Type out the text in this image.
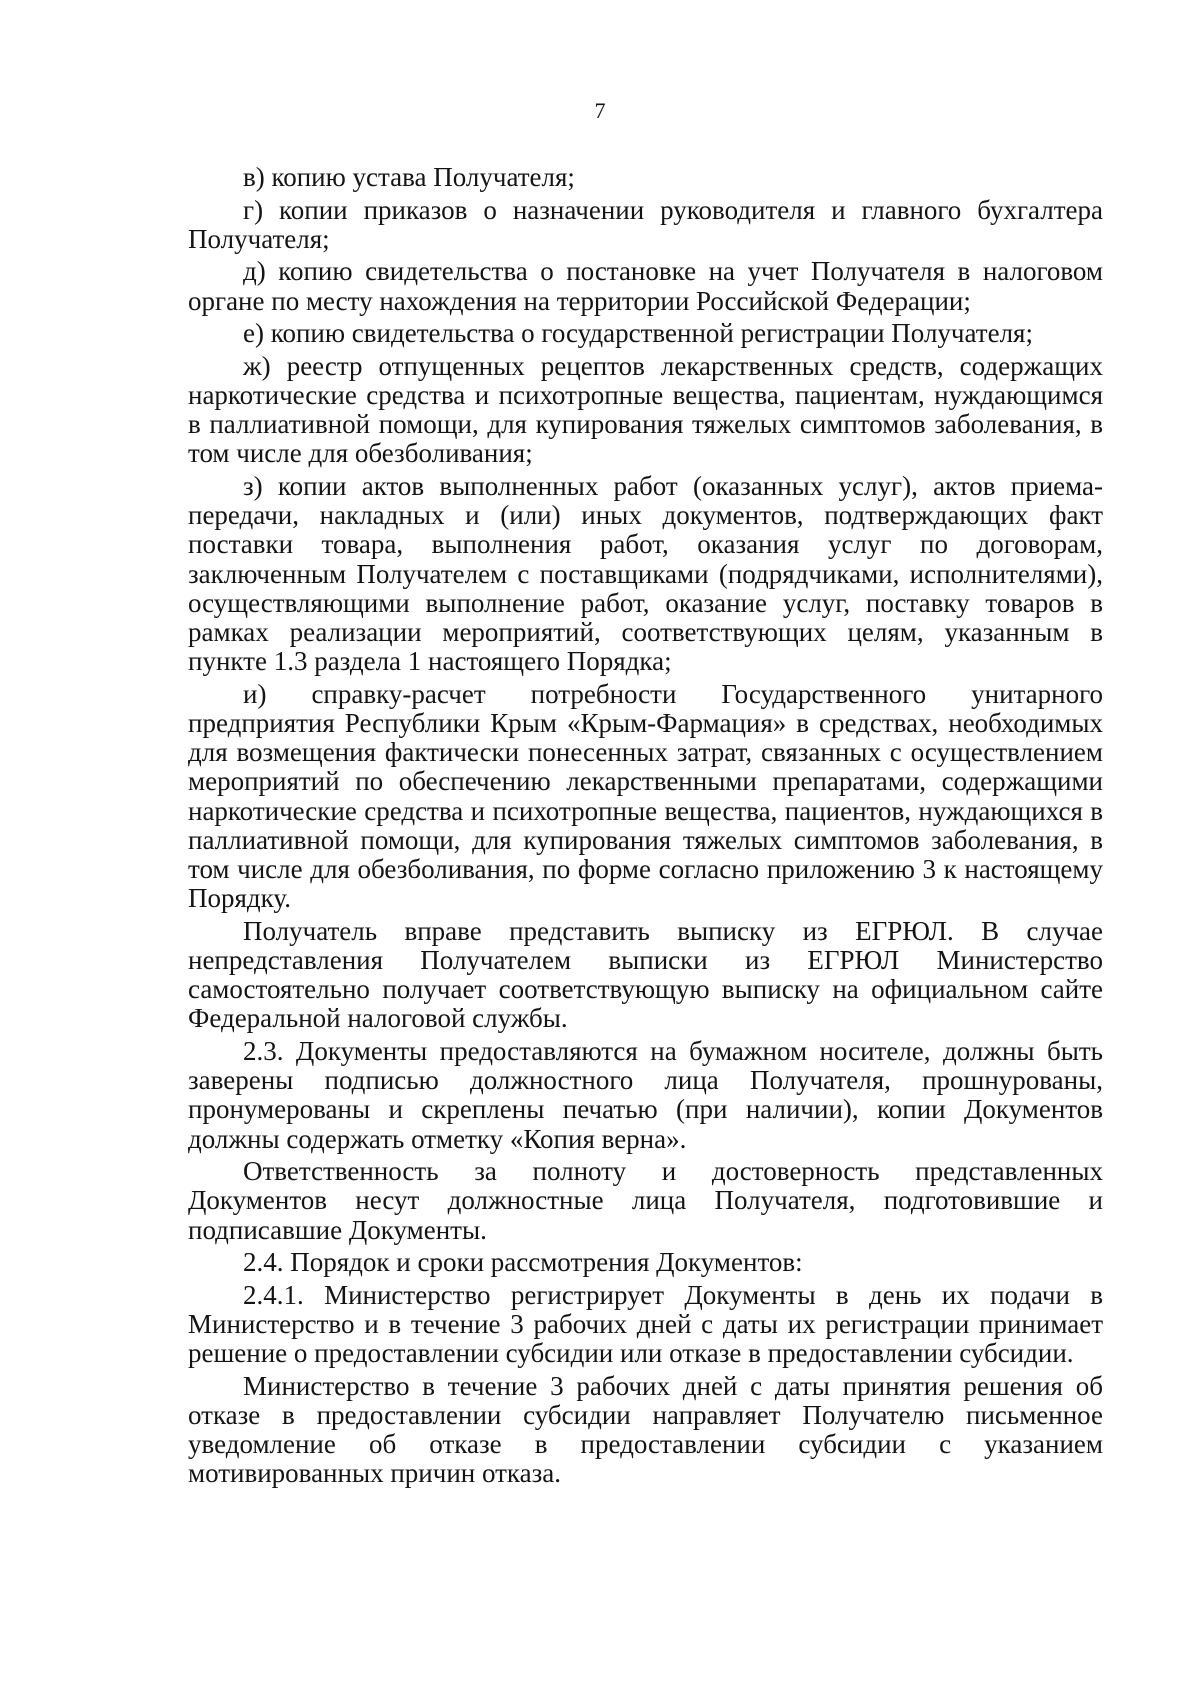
7

в) копию устава Получателя;

г) копии приказов о назначении руководителя и главного бухгалтера Получателя;

д) копию свидетельства о постановке на учет Получателя в налоговом органе по месту нахождения на территории Российской Федерации;

е) копию свидетельства о государственной регистрации Получателя;

ж) реестр отпущенных рецептов лекарственных средств, содержащих наркотические средства и психотропные вещества, пациентам, нуждающимся в паллиативной помощи, для купирования тяжелых симптомов заболевания, в том числе для обезболивания;

з) копии актов выполненных работ (оказанных услуг), актов приема-передачи, накладных и (или) иных документов, подтверждающих факт поставки товара, выполнения работ, оказания услуг по договорам, заключенным Получателем с поставщиками (подрядчиками, исполнителями), осуществляющими выполнение работ, оказание услуг, поставку товаров в рамках реализации мероприятий, соответствующих целям, указанным в пункте 1.3 раздела 1 настоящего Порядка;

и) справку-расчет потребности Государственного унитарного предприятия Республики Крым «Крым-Фармация» в средствах, необходимых для возмещения фактически понесенных затрат, связанных с осуществлением мероприятий по обеспечению лекарственными препаратами, содержащими наркотические средства и психотропные вещества, пациентов, нуждающихся в паллиативной помощи, для купирования тяжелых симптомов заболевания, в том числе для обезболивания, по форме согласно приложению 3 к настоящему Порядку.

Получатель вправе представить выписку из ЕГРЮЛ. В случае непредставления Получателем выписки из ЕГРЮЛ Министерство самостоятельно получает соответствующую выписку на официальном сайте Федеральной налоговой службы.

2.3. Документы предоставляются на бумажном носителе, должны быть заверены подписью должностного лица Получателя, прошнурованы, пронумерованы и скреплены печатью (при наличии), копии Документов должны содержать отметку «Копия верна».

Ответственность за полноту и достоверность представленных Документов несут должностные лица Получателя, подготовившие и подписавшие Документы.

2.4. Порядок и сроки рассмотрения Документов:

2.4.1. Министерство регистрирует Документы в день их подачи в Министерство и в течение 3 рабочих дней с даты их регистрации принимает решение о предоставлении субсидии или отказе в предоставлении субсидии.

Министерство в течение 3 рабочих дней с даты принятия решения об отказе в предоставлении субсидии направляет Получателю письменное уведомление об отказе в предоставлении субсидии с указанием мотивированных причин отказа.
